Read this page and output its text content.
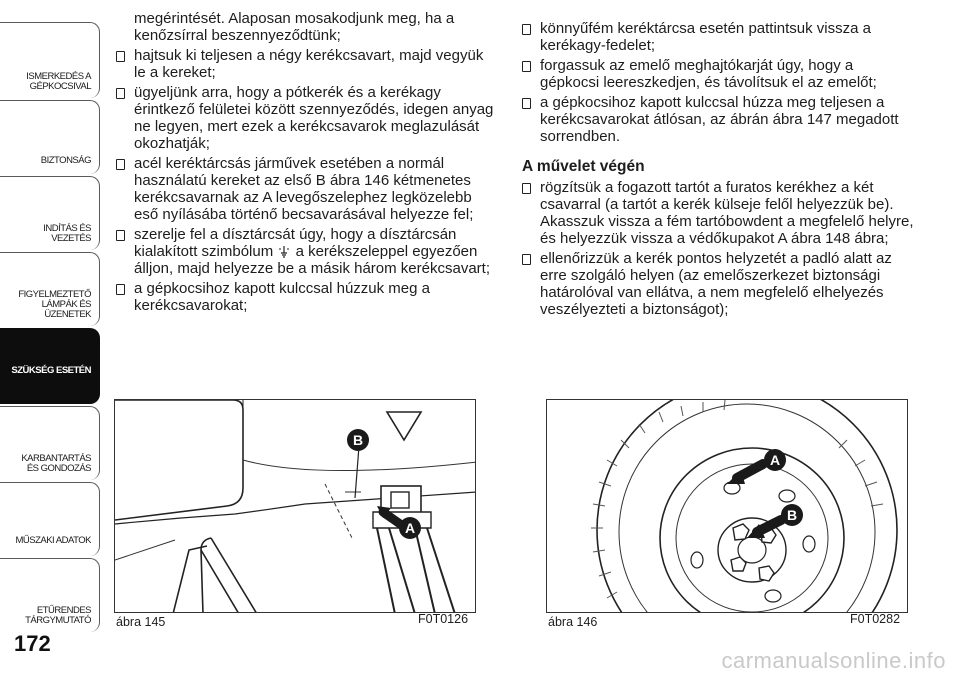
ISMERKEDÉS A GÉPKOCSIVAL
BIZTONSÁG
INDÍTÁS ÉS VEZETÉS
FIGYELMEZTETŐ LÁMPÁK ÉS ÜZENETEK
SZÜKSÉG ESETÉN
KARBANTARTÁS ÉS GONDOZÁS
MŰSZAKI ADATOK
ETŰRENDES TÁRGYMUTATÓ
172

megérintését. Alaposan mosakodjunk meg, ha a kenőzsírral beszennyeződtünk;

hajtsuk ki teljesen a négy kerékcsavart, majd vegyük le a kereket;
ügyeljünk arra, hogy a pótkerék és a kerékagy érintkező felületei között szennyeződés, idegen anyag ne legyen, mert ezek a kerékcsavarok meglazulását okozhatják;
acél keréktárcsás járművek esetében a normál használatú kereket az első B ábra 146 kétmenetes kerékcsavarnak az A levegőszelephez legközelebb eső nyílásába történő becsavarásával helyezze fel;
szerelje fel a dísztárcsát úgy, hogy a dísztárcsán kialakított szimbólum a kerékszeleppel egyezően álljon, majd helyezze be a másik három kerékcsavart;
a gépkocsihoz kapott kulccsal húzzuk meg a kerékcsavarokat;
könnyűfém keréktárcsa esetén pattintsuk vissza a kerékagy-fedelet;
forgassuk az emelő meghajtókarját úgy, hogy a gépkocsi leereszkedjen, és távolítsuk el az emelőt;
a gépkocsihoz kapott kulccsal húzza meg teljesen a kerékcsavarokat átlósan, az ábrán ábra 147 megadott sorrendben.
A művelet végén
rögzítsük a fogazott tartót a furatos kerékhez a két csavarral (a tartót a kerék külseje felől helyezzük be). Akasszuk vissza a fém tartóbowdent a megfelelő helyre, és helyezzük vissza a védőkupakot A ábra 148 ábra;
ellenőrizzük a kerék pontos helyzetét a padló alatt az erre szolgáló helyen (az emelőszerkezet biztonsági határolóval van ellátva, a nem megfelelő elhelyezés veszélyezteti a biztonságot);
B
A
ábra 145	F0T0126
A
B
ábra 146	F0T0282
carmanualsonline.info
